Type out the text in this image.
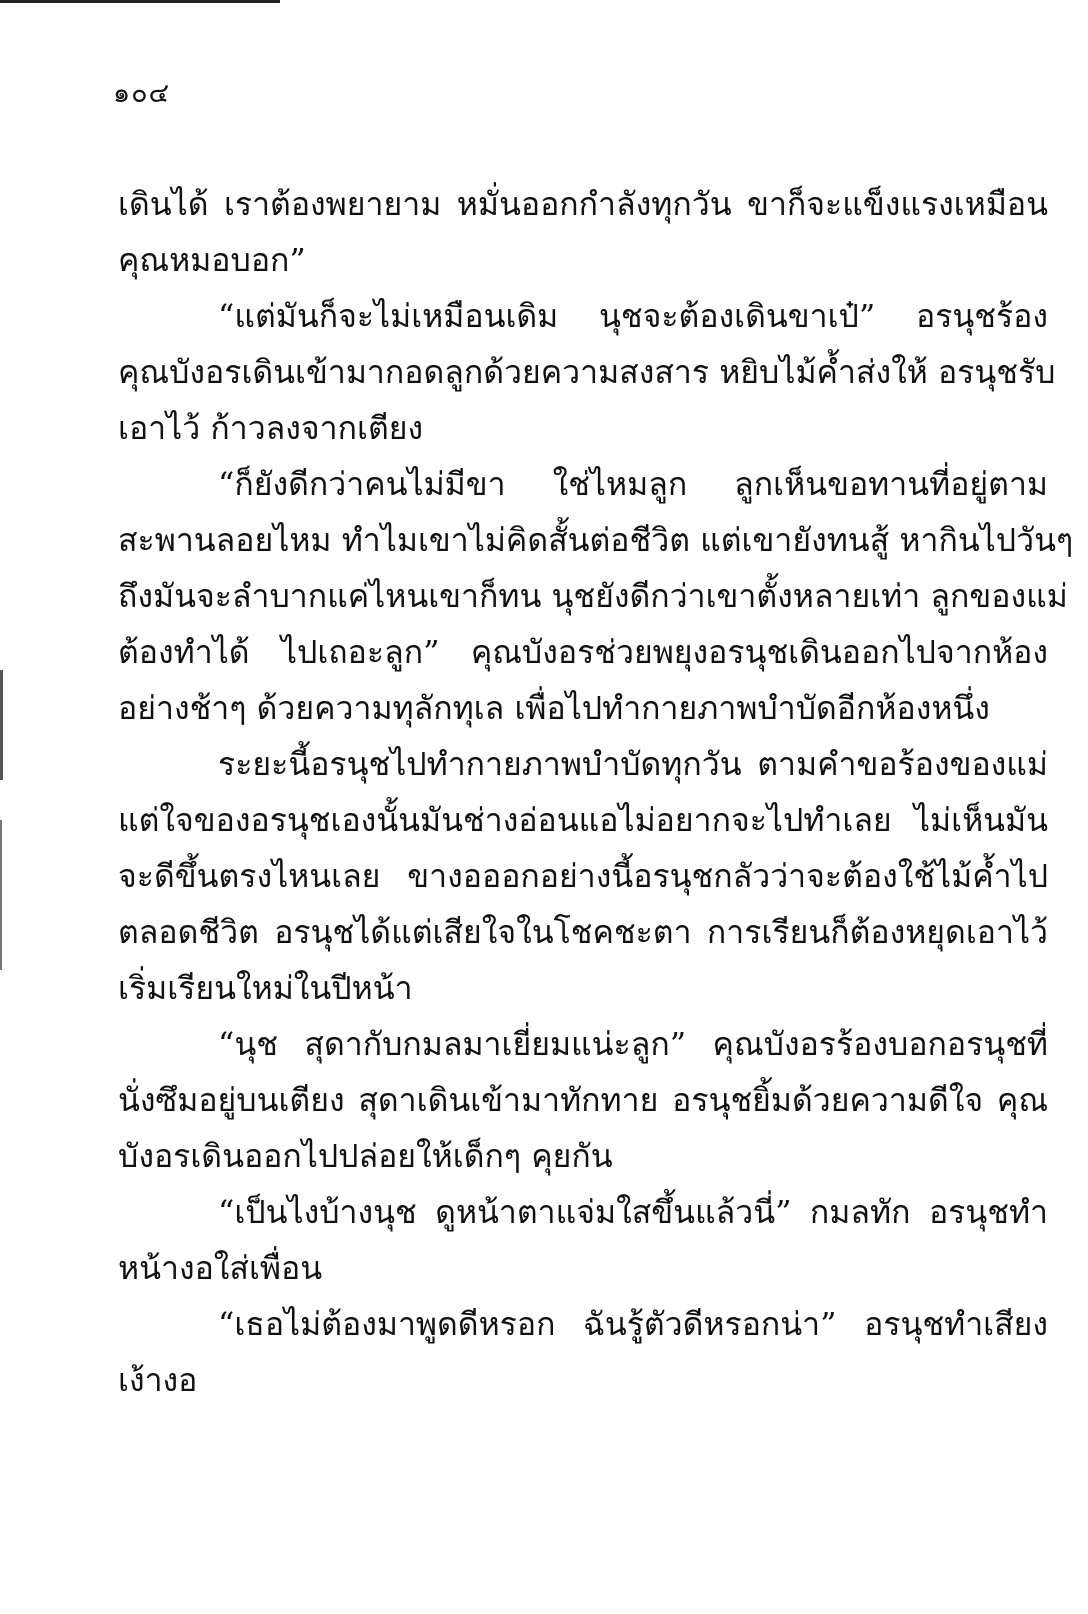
๑๐๔
เดินได้ เราต้องพยายาม หมั่นออกกำลังทุกวัน ขาก็จะแข็งแรงเหมือน
คุณหมอบอก”
“แต่มันก็จะไม่เหมือนเดิม นุชจะต้องเดินขาเป๋” อรนุชร้อง
คุณบังอรเดินเข้ามากอดลูกด้วยความสงสาร หยิบไม้ค้ำส่งให้ อรนุชรับ
เอาไว้ ก้าวลงจากเตียง
“ก็ยังดีกว่าคนไม่มีขา ใช่ไหมลูก ลูกเห็นขอทานที่อยู่ตาม
สะพานลอยไหม ทำไมเขาไม่คิดสั้นต่อชีวิต แต่เขายังทนสู้ หากินไปวันๆ
ถึงมันจะลำบากแค่ไหนเขาก็ทน นุชยังดีกว่าเขาตั้งหลายเท่า ลูกของแม่
ต้องทำได้ ไปเถอะลูก” คุณบังอรช่วยพยุงอรนุชเดินออกไปจากห้อง
อย่างช้าๆ ด้วยความทุลักทุเล เพื่อไปทำกายภาพบำบัดอีกห้องหนึ่ง
ระยะนี้อรนุชไปทำกายภาพบำบัดทุกวัน ตามคำขอร้องของแม่
แต่ใจของอรนุชเองนั้นมันช่างอ่อนแอไม่อยากจะไปทำเลย ไม่เห็นมัน
จะดีขึ้นตรงไหนเลย ขางอออกอย่างนี้อรนุชกลัวว่าจะต้องใช้ไม้ค้ำไป
ตลอดชีวิต อรนุชได้แต่เสียใจในโชคชะตา การเรียนก็ต้องหยุดเอาไว้
เริ่มเรียนใหม่ในปีหน้า
“นุช สุดากับกมลมาเยี่ยมแน่ะลูก” คุณบังอรร้องบอกอรนุชที่
นั่งซึมอยู่บนเตียง สุดาเดินเข้ามาทักทาย อรนุชยิ้มด้วยความดีใจ คุณ
บังอรเดินออกไปปล่อยให้เด็กๆ คุยกัน
“เป็นไงบ้างนุช ดูหน้าตาแจ่มใสขึ้นแล้วนี่” กมลทัก อรนุชทำ
หน้างอใส่เพื่อน
“เธอไม่ต้องมาพูดดีหรอก ฉันรู้ตัวดีหรอกน่า” อรนุชทำเสียง
เง้างอ
